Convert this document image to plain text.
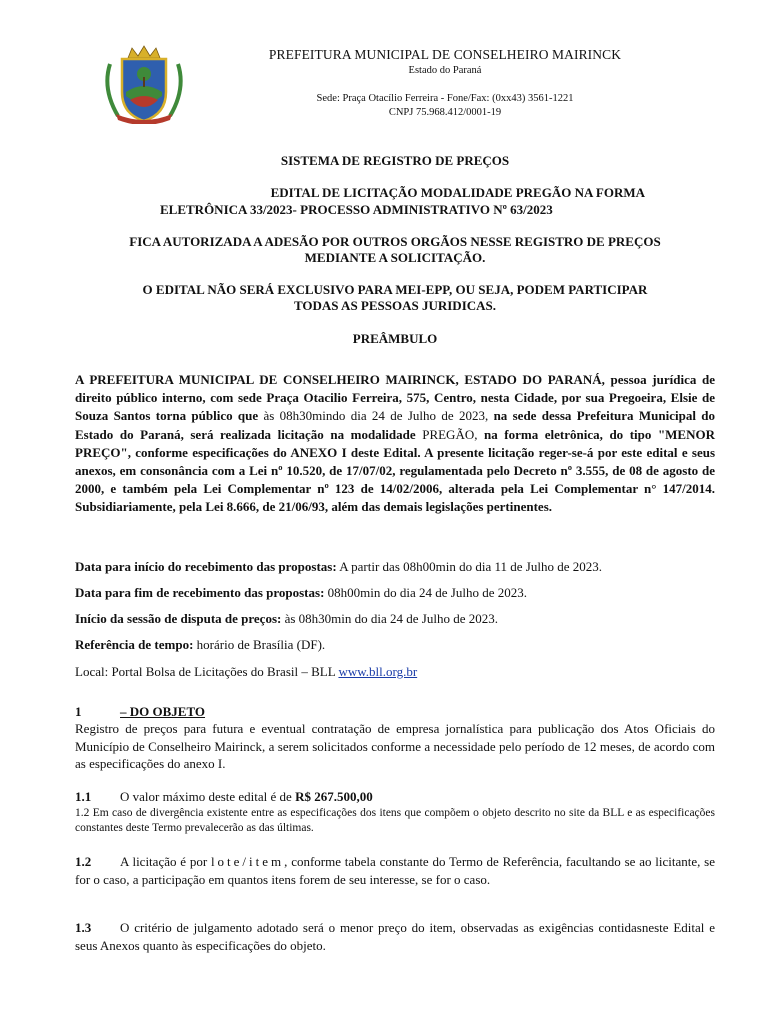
PREFEITURA MUNICIPAL DE CONSELHEIRO MAIRINCK
Estado do Paraná
Sede: Praça Otacílio Ferreira - Fone/Fax: (0xx43) 3561-1221
CNPJ 75.968.412/0001-19
SISTEMA DE REGISTRO DE PREÇOS
EDITAL DE LICITAÇÃO MODALIDADE PREGÃO NA FORMA
ELETRÔNICA 33/2023- PROCESSO ADMINISTRATIVO Nº 63/2023
FICA AUTORIZADA A ADESÃO POR OUTROS ORGÃOS NESSE REGISTRO DE PREÇOS
MEDIANTE A SOLICITAÇÃO.
O EDITAL NÃO SERÁ EXCLUSIVO PARA MEI-EPP, OU SEJA, PODEM PARTICIPAR
TODAS AS PESSOAS JURIDICAS.
PREÂMBULO
A PREFEITURA MUNICIPAL DE CONSELHEIRO MAIRINCK, ESTADO DO PARANÁ, pessoa jurídica de direito público interno, com sede Praça Otacilio Ferreira, 575, Centro, nesta Cidade, por sua Pregoeira, Elsie de Souza Santos torna público que às 08h30mindo dia 24 de Julho de 2023, na sede dessa Prefeitura Municipal do Estado do Paraná, será realizada licitação na modalidade PREGÃO, na forma eletrônica, do tipo "MENOR PREÇO", conforme especificações do ANEXO I deste Edital. A presente licitação reger-se-á por este edital e seus anexos, em consonância com a Lei nº 10.520, de 17/07/02, regulamentada pelo Decreto nº 3.555, de 08 de agosto de 2000, e também pela Lei Complementar nº 123 de 14/02/2006, alterada pela Lei Complementar n° 147/2014. Subsidiariamente, pela Lei 8.666, de 21/06/93, além das demais legislações pertinentes.
Data para início do recebimento das propostas: A partir das 08h00min do dia 11 de Julho de 2023.
Data para fim de recebimento das propostas: 08h00min do dia 24 de Julho de 2023.
Início da sessão de disputa de preços: às 08h30min do dia 24 de Julho de 2023.
Referência de tempo: horário de Brasília (DF).
Local: Portal Bolsa de Licitações do Brasil – BLL www.bll.org.br
1	– DO OBJETO
Registro de preços para futura e eventual contratação de empresa jornalística para publicação dos Atos Oficiais do Município de Conselheiro Mairinck, a serem solicitados conforme a necessidade pelo período de 12 meses, de acordo com as especificações do anexo I.
1.1 O valor máximo deste edital é de R$ 267.500,00
1.2 Em caso de divergência existente entre as especificações dos itens que compõem o objeto descrito no site da BLL e as especificações constantes deste Termo prevalecerão as das últimas.
1.2 A licitação é por lote/item, conforme tabela constante do Termo de Referência, facultando se ao licitante, se for o caso, a participação em quantos itens forem de seu interesse, se for o caso.
1.3 O critério de julgamento adotado será o menor preço do item, observadas as exigências contidasneste Edital e seus Anexos quanto às especificações do objeto.
